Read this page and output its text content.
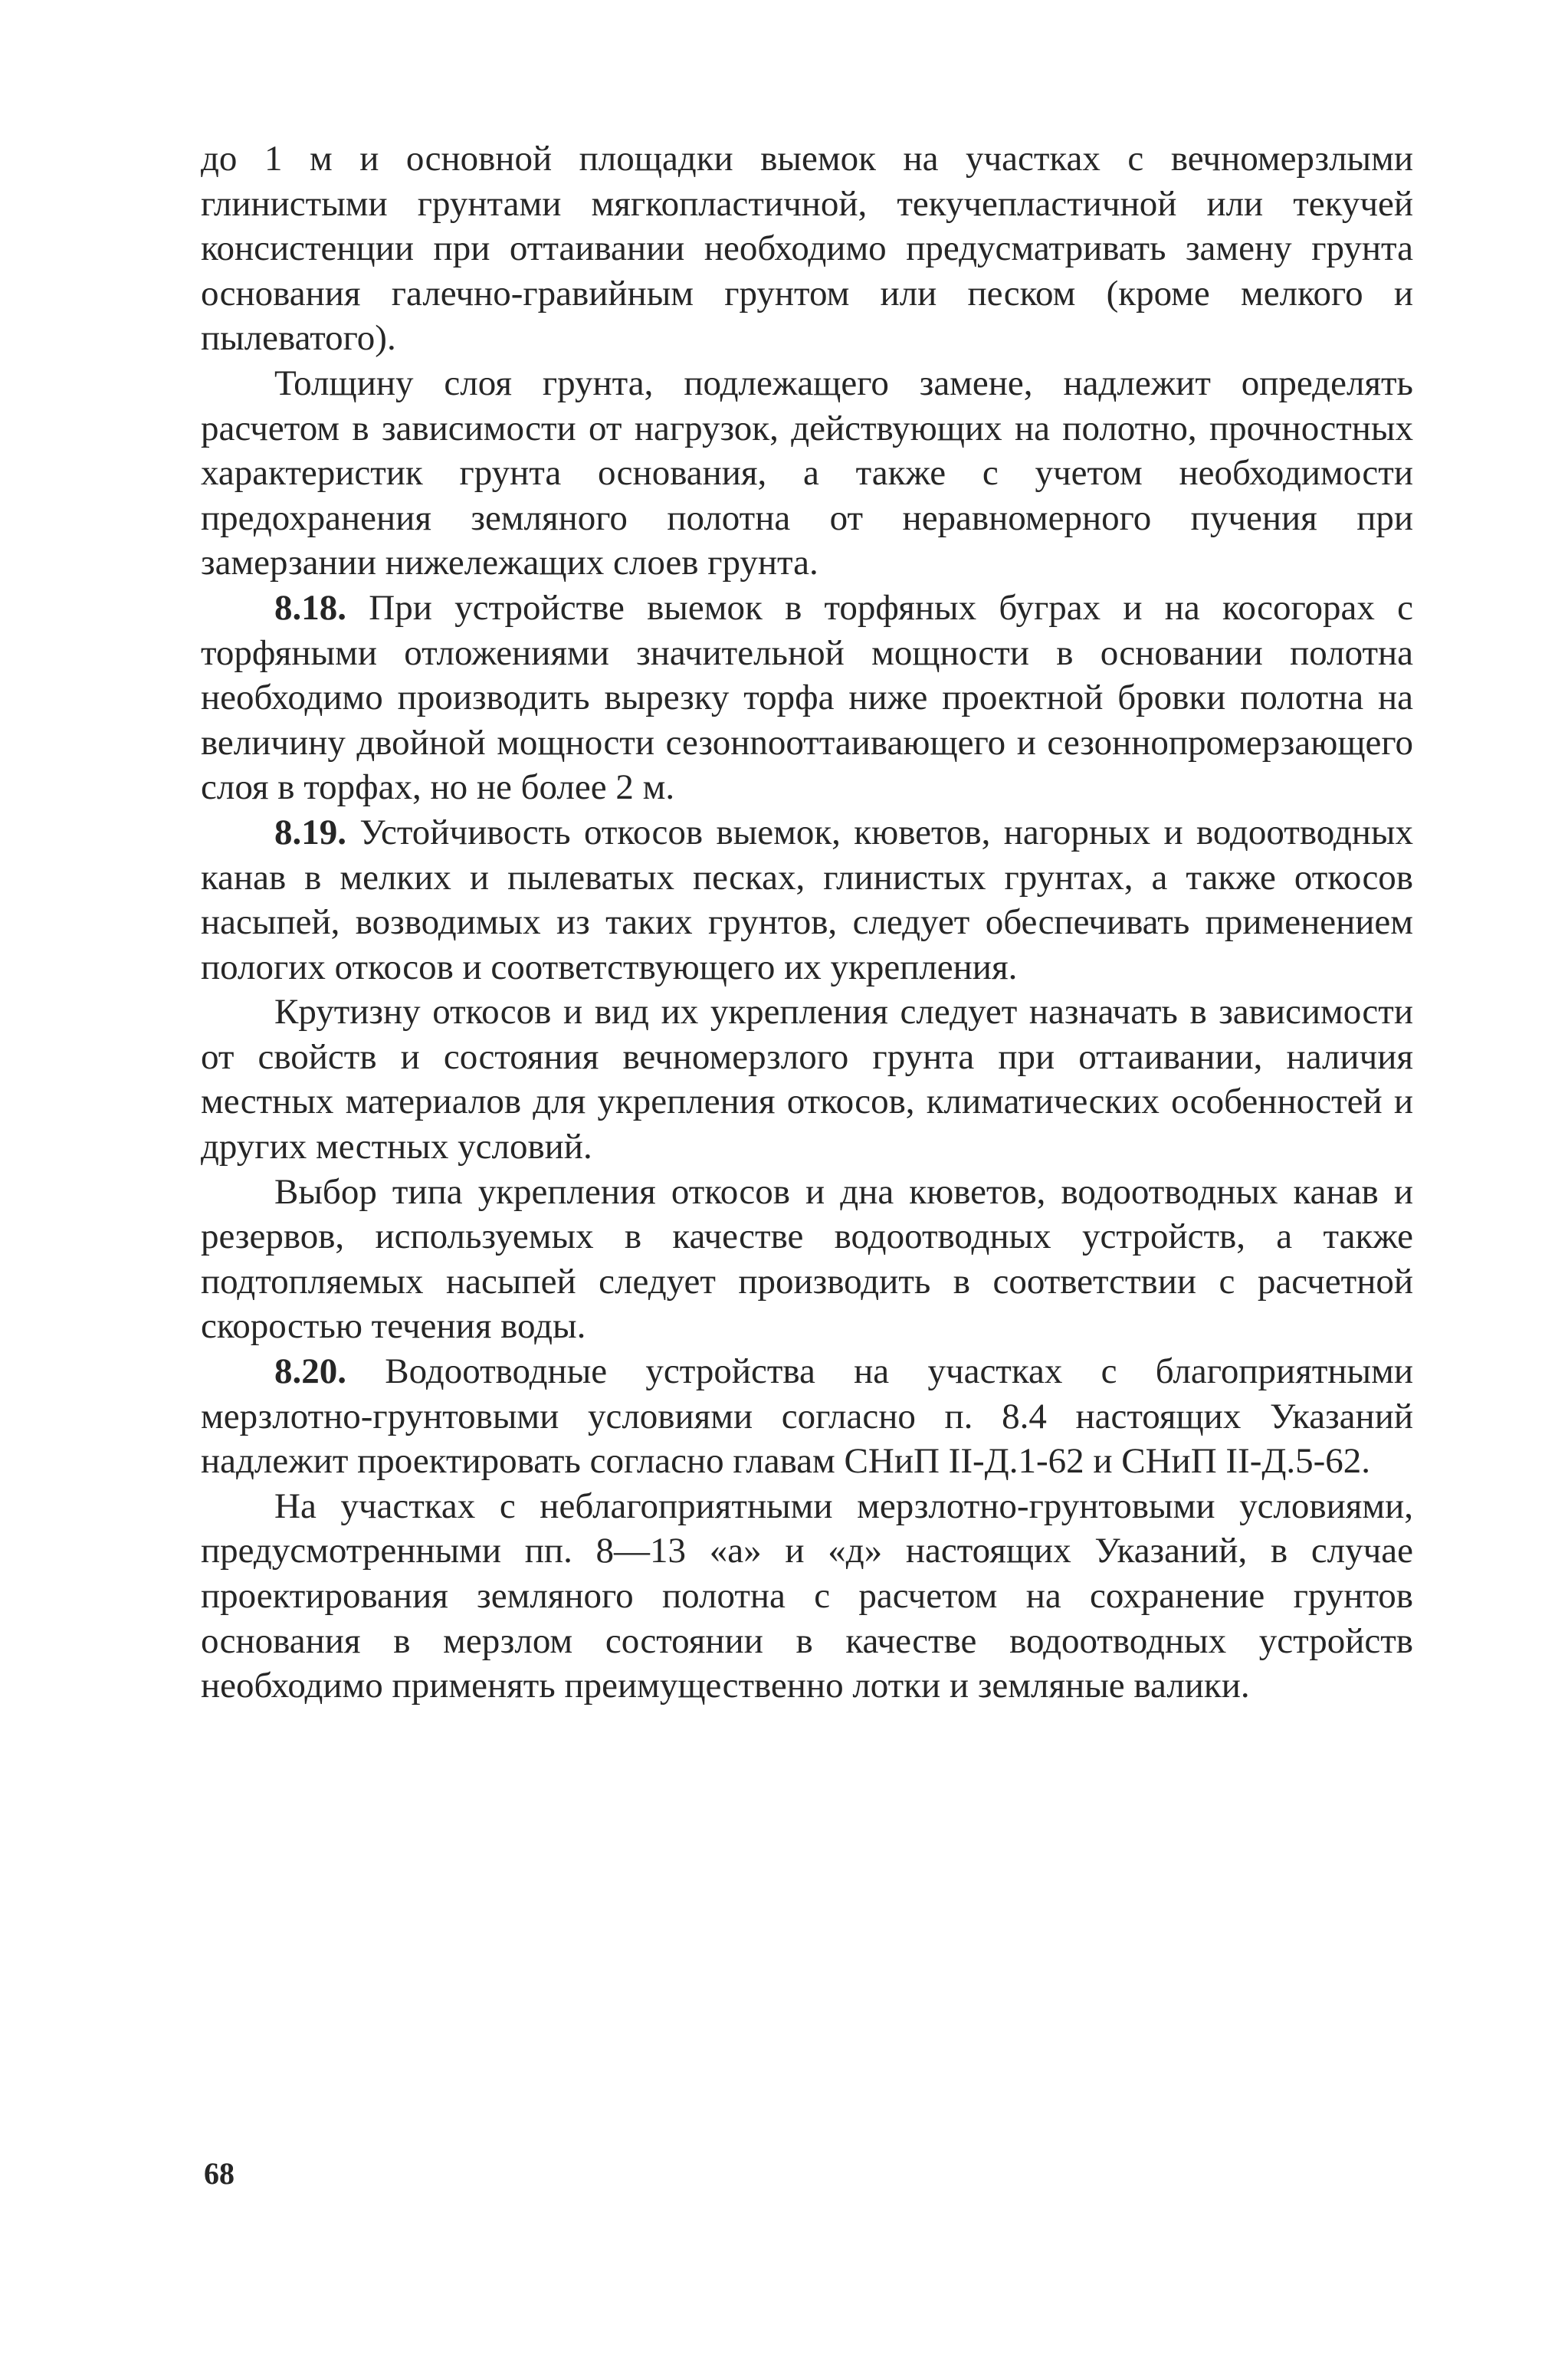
до 1 м и основной площадки выемок на участках с вечномерзлыми глинистыми грунтами мягкопластичной, текучепластичной или текучей консистенции при оттаивании необходимо предусматривать замену грунта основания галечно-гравийным грунтом или песком (кроме мелкого и пылеватого).

Толщину слоя грунта, подлежащего замене, надлежит определять расчетом в зависимости от нагрузок, действующих на полотно, прочностных характеристик грунта основания, а также с учетом необходимости предохранения земляного полотна от неравномерного пучения при замерзании нижележащих слоев грунта.

8.18. При устройстве выемок в торфяных буграх и на косогорах с торфяными отложениями значительной мощности в основании полотна необходимо производить вырезку торфа ниже проектной бровки полотна на величину двойной мощности сезонnoоттаивающего и сезоннопромерзающего слоя в торфах, но не более 2 м.

8.19. Устойчивость откосов выемок, кюветов, нагорных и водоотводных канав в мелких и пылеватых песках, глинистых грунтах, а также откосов насыпей, возводимых из таких грунтов, следует обеспечивать применением пологих откосов и соответствующего их укрепления.

Крутизну откосов и вид их укрепления следует назначать в зависимости от свойств и состояния вечномерзлого грунта при оттаивании, наличия местных материалов для укрепления откосов, климатических особенностей и других местных условий.

Выбор типа укрепления откосов и дна кюветов, водоотводных канав и резервов, используемых в качестве водоотводных устройств, а также подтопляемых насыпей следует производить в соответствии с расчетной скоростью течения воды.

8.20. Водоотводные устройства на участках с благоприятными мерзлотно-грунтовыми условиями согласно п. 8.4 настоящих Указаний надлежит проектировать согласно главам СНиП II-Д.1-62 и СНиП II-Д.5-62.

На участках с неблагоприятными мерзлотно-грунтовыми условиями, предусмотренными пп. 8—13 «а» и «д» настоящих Указаний, в случае проектирования земляного полотна с расчетом на сохранение грунтов основания в мерзлом состоянии в качестве водоотводных устройств необходимо применять преимущественно лотки и земляные валики.

68
